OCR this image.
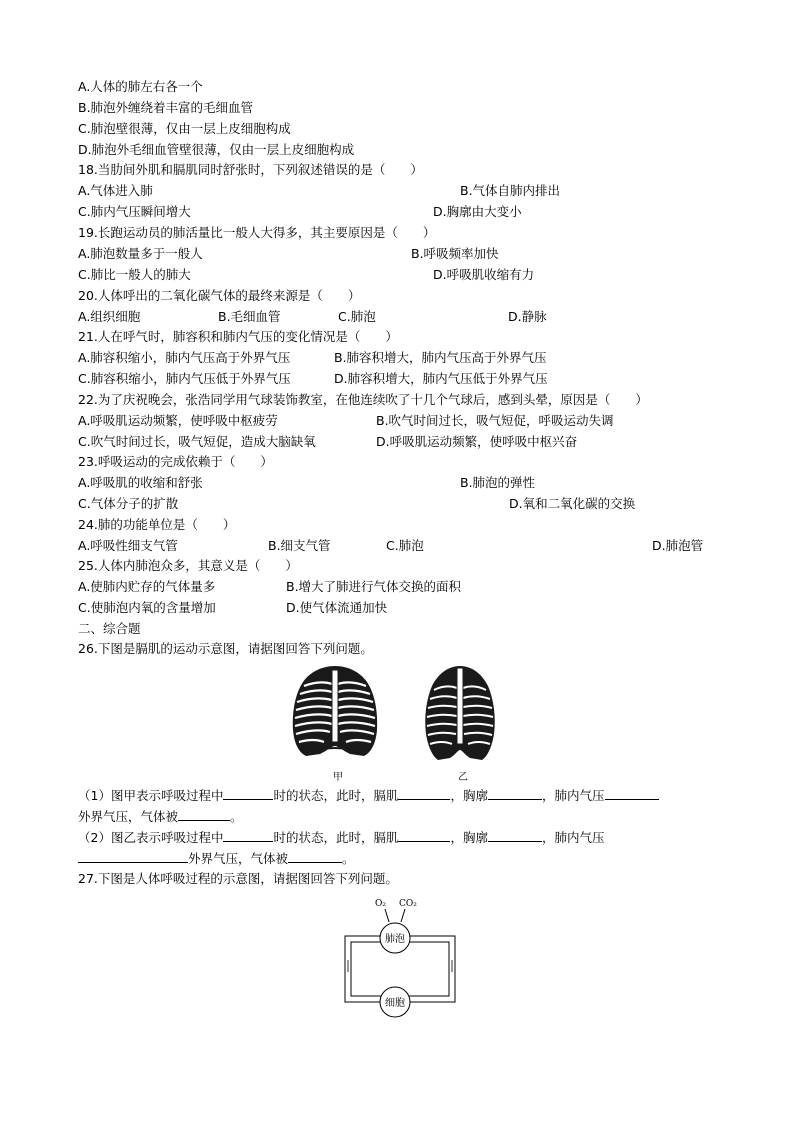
A.人体的肺左右各一个
B.肺泡外缠绕着丰富的毛细血管
C.肺泡壁很薄，仅由一层上皮细胞构成
D.肺泡外毛细血管壁很薄，仅由一层上皮细胞构成
18.当肋间外肌和膈肌同时舒张时，下列叙述错误的是（　　）
A.气体进入肺	B.气体自肺内排出
C.肺内气压瞬间增大	D.胸廓由大变小
19.长跑运动员的肺活量比一般人大得多，其主要原因是（　　）
A.肺泡数量多于一般人	B.呼吸频率加快
C.肺比一般人的肺大	D.呼吸肌收缩有力
20.人体呼出的二氧化碳气体的最终来源是（　　）
A.组织细胞	B.毛细血管	C.肺泡	D.静脉
21.人在呼气时，肺容积和肺内气压的变化情况是（　　）
A.肺容积缩小，肺内气压高于外界气压	B.肺容积增大，肺内气压高于外界气压
C.肺容积缩小，肺内气压低于外界气压	D.肺容积增大，肺内气压低于外界气压
22.为了庆祝晚会，张浩同学用气球装饰教室，在他连续吹了十几个气球后，感到头晕，原因是（　　）
A.呼吸肌运动频繁，使呼吸中枢疲劳	B.吹气时间过长，吸气短促，呼吸运动失调
C.吹气时间过长，吸气短促，造成大脑缺氧	D.呼吸肌运动频繁，使呼吸中枢兴奋
23.呼吸运动的完成依赖于（　　）
A.呼吸肌的收缩和舒张	B.肺泡的弹性
C.气体分子的扩散	D.氧和二氧化碳的交换
24.肺的功能单位是（　　）
A.呼吸性细支气管	B.细支气管	C.肺泡	D.肺泡管
25.人体内肺泡众多，其意义是（　　）
A.使肺内贮存的气体量多	B.增大了肺进行气体交换的面积
C.使肺泡内氧的含量增加	D.使气体流通加快
二、综合题
26.下图是膈肌的运动示意图，请据图回答下列问题。
甲	乙
（1）图甲表示呼吸过程中	时的状态，此时，膈肌	，胸廓	，肺内气压
外界气压，气体被	。
（2）图乙表示呼吸过程中	时的状态，此时，膈肌	，胸廓	，肺内气压
外界气压，气体被	。
27.下图是人体呼吸过程的示意图，请据图回答下列问题。
O₂ CO₂
肺泡
细胞
